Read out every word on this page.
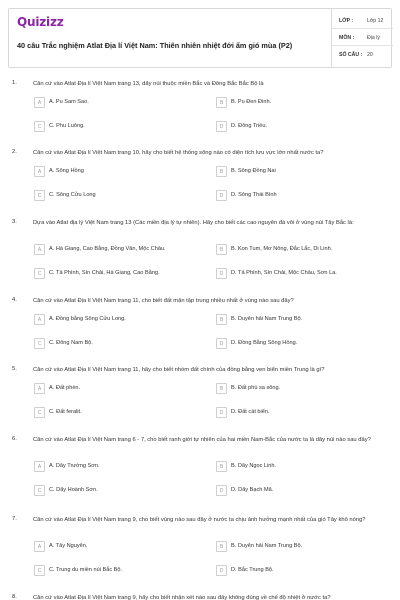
Quizizz
40 câu Trắc nghiệm Atlat Địa lí Việt Nam: Thiên nhiên nhiệt đới ẩm gió mùa (P2)
LỚP :	Lớp 12
MÔN : Địa lý
SỐ CÂU : 20
1.	Căn cứ vào Atlat Địa lí Việt Nam trang 13, dãy núi thuộc miền Bắc và Đông Bắc Bắc Bộ là
A	A. Pu Sam Sao.	B	B. Pu Đen Đinh.
C	C. Phu Luông.	D	D. Đông Triều.
2.	Căn cứ vào Atlat Địa lí Việt Nam trang 10, hãy cho biết hệ thống sông nào có diện tích lưu vực lớn nhất nước ta?
A	A. Sông Hồng	B	B. Sông Đồng Nai
C	C. Sông Cửu Long	D	D. Sông Thái Bình
3.	Dựa vào Atlat địa lý Việt Nam trang 13 (Các miền địa lý tự nhiên). Hãy cho biết các cao nguyên đá vôi ở vùng núi Tây Bắc là:
A	A. Hà Giang, Cao Bằng, Đồng Văn, Mộc Châu.	B	B. Kon Tum, Mơ Nông, Đắc Lắc, Di Linh.
C	C. Tả Phình, Sín Chải, Hà Giang, Cao Bằng.	D	D. Tả Phình, Sín Chải, Mộc Châu, Sơn La.
4.	Căn cứ vào Atlat Địa lí Việt Nam trang 11, cho biết đất mặn tập trung nhiều nhất ở vùng nào sau đây?
A	A. Đồng bằng Sông Cửu Long.	B	B. Duyên hải Nam Trung Bộ.
C	C. Đông Nam Bộ.	D	D. Đồng Bằng Sông Hồng.
5.	Căn cứ vào Atlat Địa lí Việt Nam trang 11, hãy cho biết nhóm đất chính của đồng bằng ven biển miền Trung là gì?
A	A. Đất phèn.	B	B. Đất phù sa sông.
C	C. Đất feralit.	D	D. Đất cát biển.
6.	Căn cứ vào Atlat Địa lí Việt Nam trang 6 - 7, cho biết ranh giới tự nhiên của hai miền Nam-Bắc của nước ta là dãy núi nào sau đây?
A	A. Dãy Trường Sơn.	B	B. Dãy Ngọc Linh.
C	C. Dãy Hoành Sơn.	D	D. Dãy Bạch Mã.
7.	Căn cứ vào Atlat Địa lí Việt Nam trang 9, cho biết vùng nào sau đây ở nước ta chịu ảnh hưởng mạnh nhất của gió Tây khô nóng?
A	A. Tây Nguyên.	B	B. Duyên hải Nam Trung Bộ.
C	C. Trung du miền núi Bắc Bộ.	D	D. Bắc Trung Bộ.
8.	Căn cứ vào Atlat Địa lí Việt Nam trang 9, hãy cho biết nhận xét nào sau đây không đúng về chế độ nhiệt ở nước ta?
